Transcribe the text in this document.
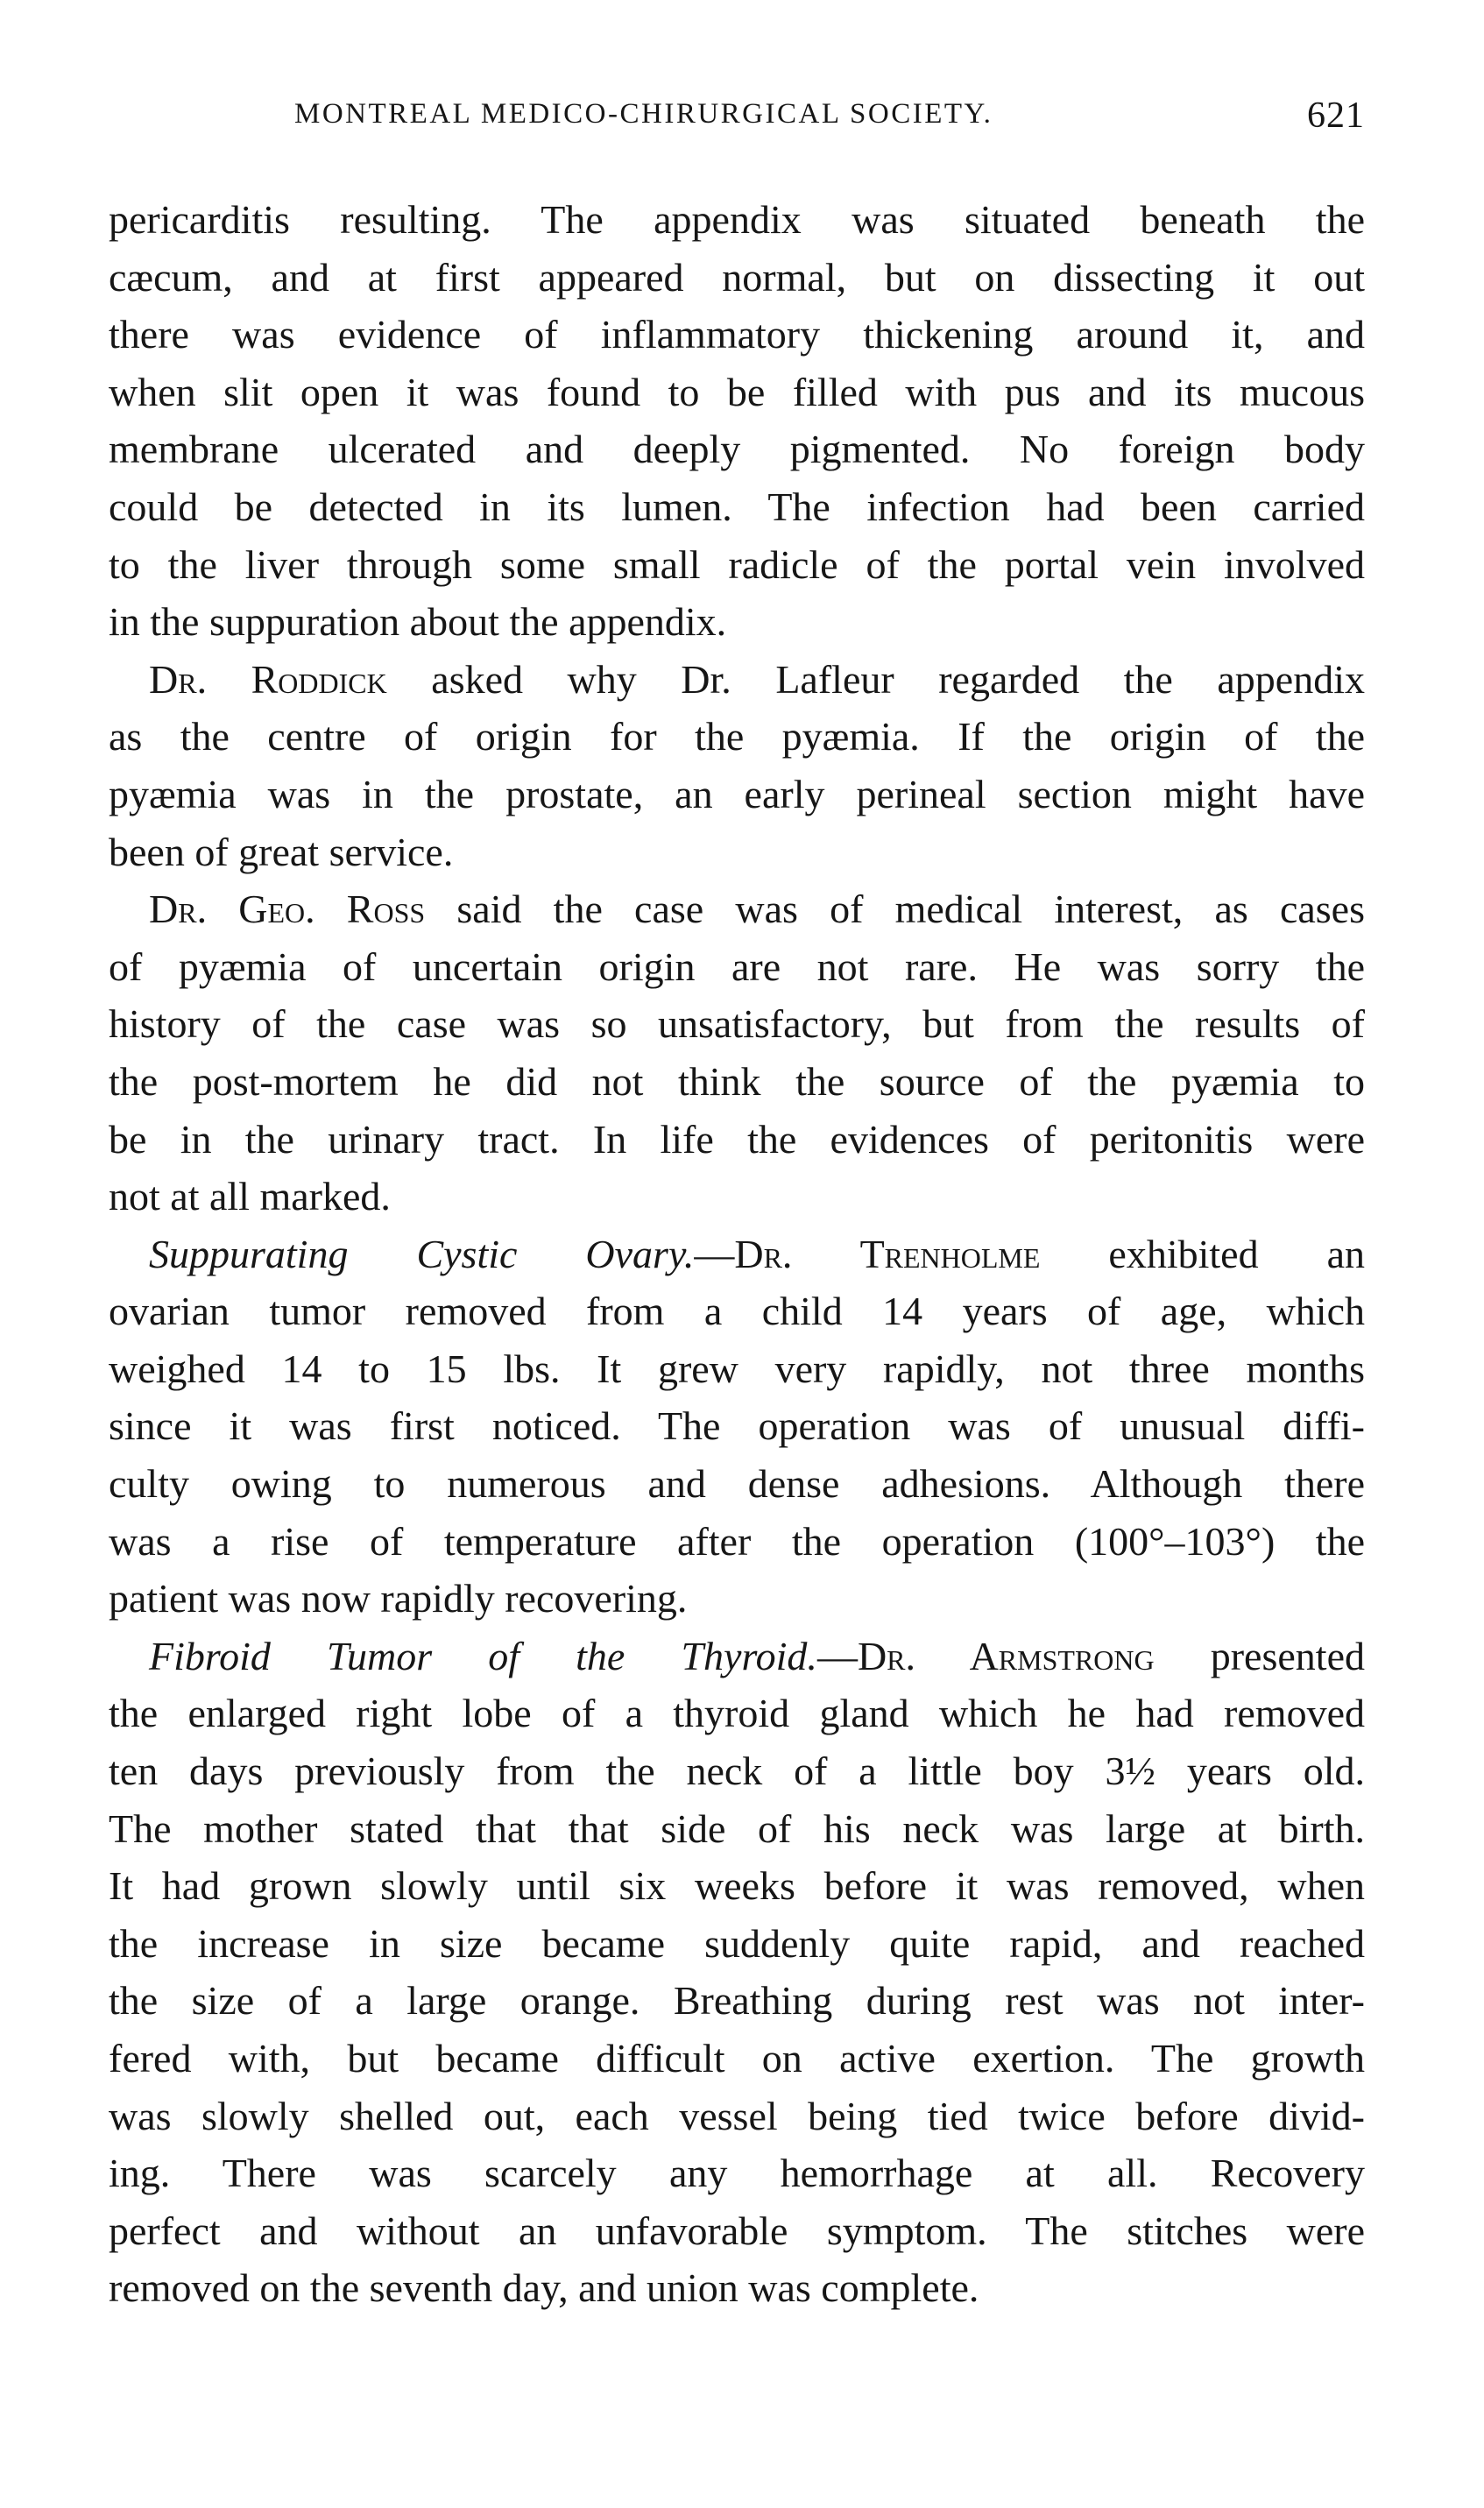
MONTREAL MEDICO-CHIRURGICAL SOCIETY.	621
pericarditis resulting. The appendix was situated beneath the
cæcum, and at first appeared normal, but on dissecting it out
there was evidence of inflammatory thickening around it, and
when slit open it was found to be filled with pus and its mucous
membrane ulcerated and deeply pigmented. No foreign body
could be detected in its lumen. The infection had been carried
to the liver through some small radicle of the portal vein involved
in the suppuration about the appendix.
Dr. Roddick asked why Dr. Lafleur regarded the appendix
as the centre of origin for the pyæmia. If the origin of the
pyæmia was in the prostate, an early perineal section might have
been of great service.
Dr. Geo. Ross said the case was of medical interest, as cases
of pyæmia of uncertain origin are not rare. He was sorry the
history of the case was so unsatisfactory, but from the results of
the post-mortem he did not think the source of the pyæmia to
be in the urinary tract. In life the evidences of peritonitis were
not at all marked.
Suppurating Cystic Ovary.—Dr. Trenholme exhibited an
ovarian tumor removed from a child 14 years of age, which
weighed 14 to 15 lbs. It grew very rapidly, not three months
since it was first noticed. The operation was of unusual diffi-
culty owing to numerous and dense adhesions. Although there
was a rise of temperature after the operation (100°–103°) the
patient was now rapidly recovering.
Fibroid Tumor of the Thyroid.—Dr. Armstrong presented
the enlarged right lobe of a thyroid gland which he had removed
ten days previously from the neck of a little boy 3½ years old.
The mother stated that that side of his neck was large at birth.
It had grown slowly until six weeks before it was removed, when
the increase in size became suddenly quite rapid, and reached
the size of a large orange. Breathing during rest was not inter-
fered with, but became difficult on active exertion. The growth
was slowly shelled out, each vessel being tied twice before divid-
ing. There was scarcely any hemorrhage at all. Recovery
perfect and without an unfavorable symptom. The stitches were
removed on the seventh day, and union was complete.
